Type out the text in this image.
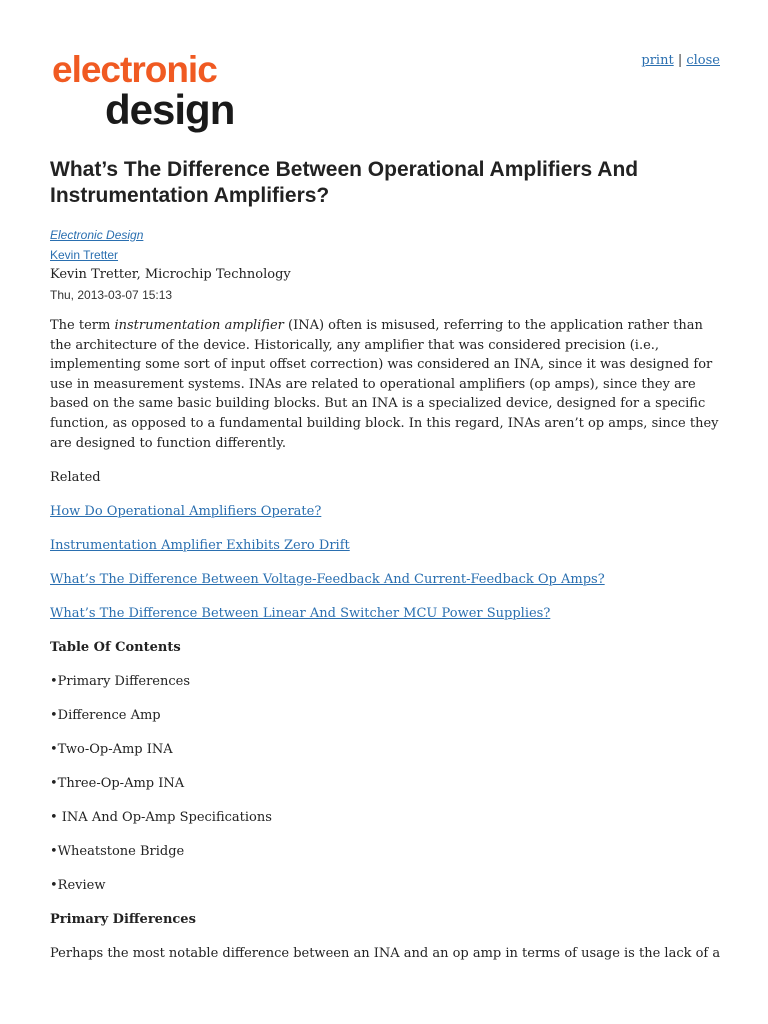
electronic
design
print | close
What’s The Difference Between Operational Amplifiers And Instrumentation Amplifiers?
Electronic Design
Kevin Tretter
Kevin Tretter, Microchip Technology
Thu, 2013-03-07 15:13

The term instrumentation amplifier (INA) often is misused, referring to the application rather than the architecture of the device. Historically, any amplifier that was considered precision (i.e., implementing some sort of input offset correction) was considered an INA, since it was designed for use in measurement systems. INAs are related to operational amplifiers (op amps), since they are based on the same basic building blocks. But an INA is a specialized device, designed for a specific function, as opposed to a fundamental building block. In this regard, INAs aren’t op amps, since they are designed to function differently.

Related
How Do Operational Amplifiers Operate?
Instrumentation Amplifier Exhibits Zero Drift
What’s The Difference Between Voltage-Feedback And Current-Feedback Op Amps?
What’s The Difference Between Linear And Switcher MCU Power Supplies?
Table Of Contents
•Primary Differences
•Difference Amp
•Two-Op-Amp INA
•Three-Op-Amp INA
• INA And Op-Amp Specifications
•Wheatstone Bridge
•Review
Primary Differences
Perhaps the most notable difference between an INA and an op amp in terms of usage is the lack of a
